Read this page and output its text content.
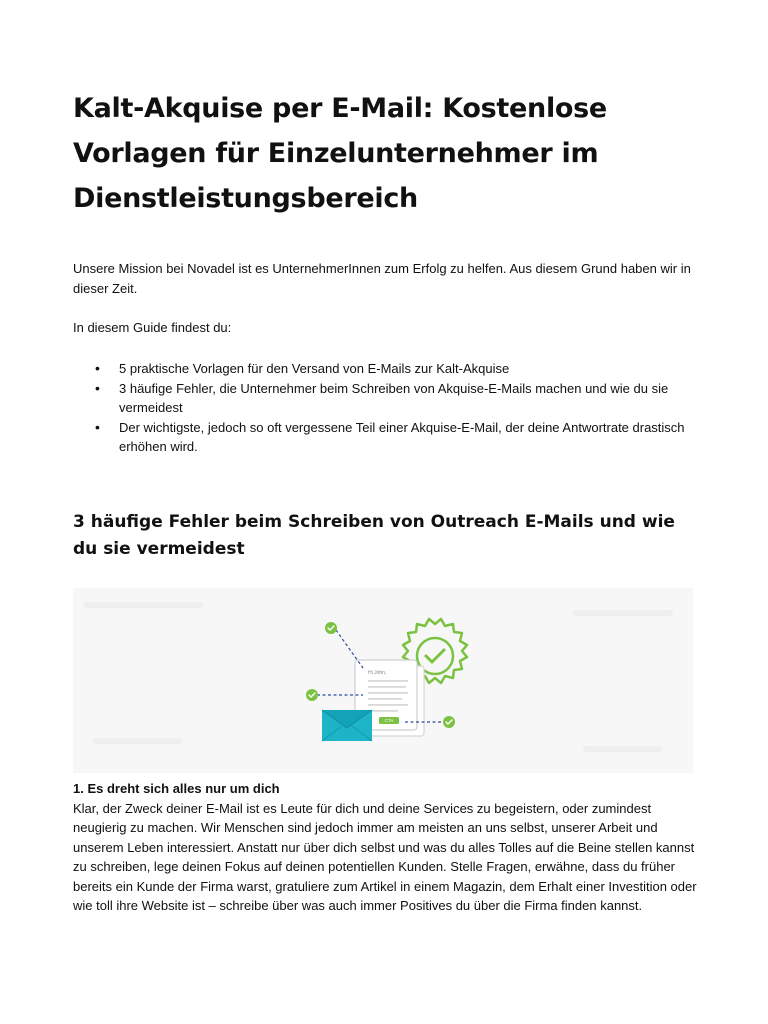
Kalt-Akquise per E-Mail: Kostenlose Vorlagen für Einzelunternehmer im Dienstleistungsbereich

Unsere Mission bei Novadel ist es UnternehmerInnen zum Erfolg zu helfen. Aus diesem Grund haben wir in dieser Zeit.

In diesem Guide findest du:

• 5 praktische Vorlagen für den Versand von E-Mails zur Kalt-Akquise
• 3 häufige Fehler, die Unternehmer beim Schreiben von Akquise-E-Mails machen und wie du sie vermeidest
• Der wichtigste, jedoch so oft vergessene Teil einer Akquise-E-Mail, der deine Antwortrate drastisch erhöhen wird.
3 häufige Fehler beim Schreiben von Outreach E-Mails und wie du sie vermeidest
Hi John,
CTA

1. Es dreht sich alles nur um dich
Klar, der Zweck deiner E-Mail ist es Leute für dich und deine Services zu begeistern, oder zumindest neugierig zu machen. Wir Menschen sind jedoch immer am meisten an uns selbst, unserer Arbeit und unserem Leben interessiert. Anstatt nur über dich selbst und was du alles Tolles auf die Beine stellen kannst zu schreiben, lege deinen Fokus auf deinen potentiellen Kunden. Stelle Fragen, erwähne, dass du früher bereits ein Kunde der Firma warst, gratuliere zum Artikel in einem Magazin, dem Erhalt einer Investition oder wie toll ihre Website ist – schreibe über was auch immer Positives du über die Firma finden kannst.
